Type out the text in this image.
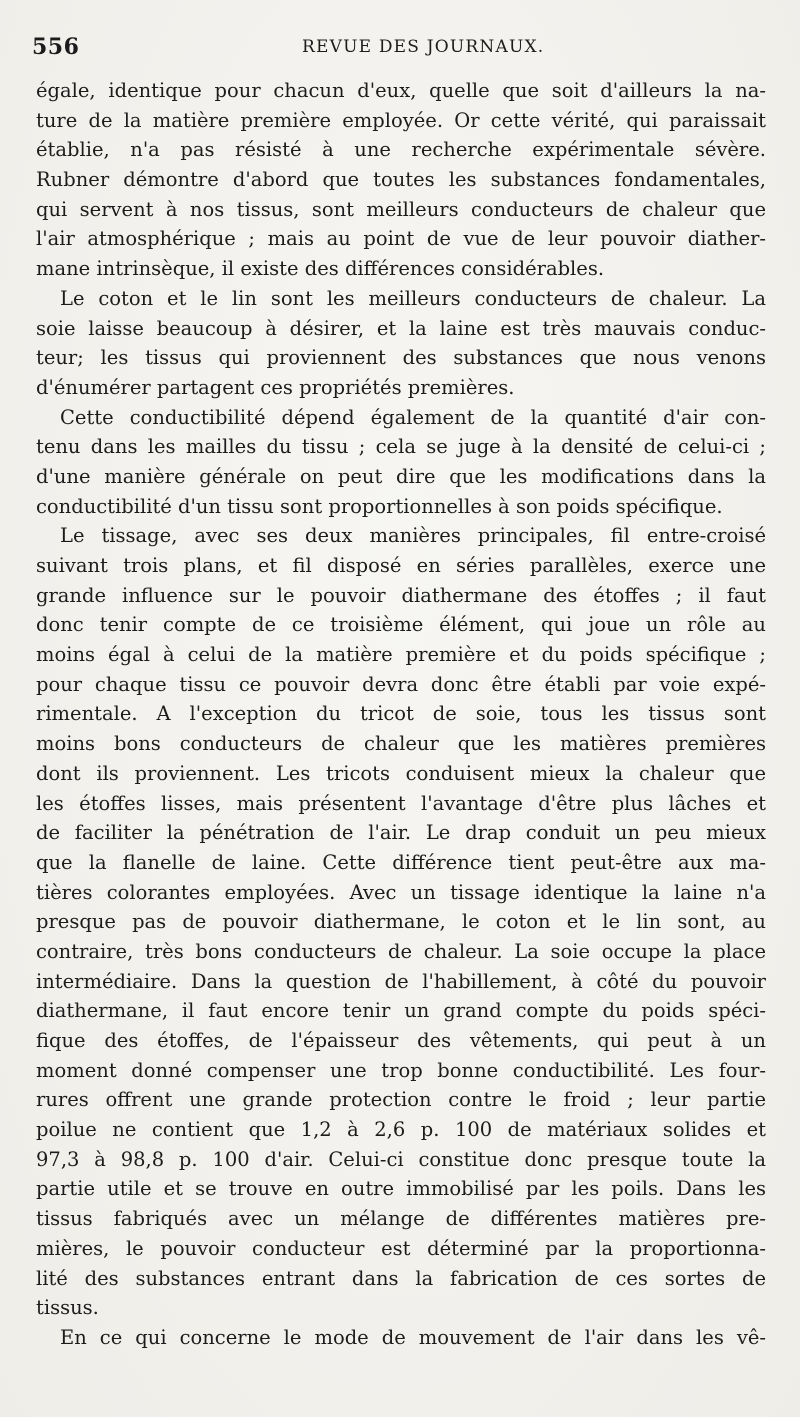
556	REVUE DES JOURNAUX.
égale, identique pour chacun d'eux, quelle que soit d'ailleurs la na-
ture de la matière première employée. Or cette vérité, qui paraissait
établie, n'a pas résisté à une recherche expérimentale sévère.
Rubner démontre d'abord que toutes les substances fondamentales,
qui servent à nos tissus, sont meilleurs conducteurs de chaleur que
l'air atmosphérique ; mais au point de vue de leur pouvoir diather-
mane intrinsèque, il existe des différences considérables.
Le coton et le lin sont les meilleurs conducteurs de chaleur. La
soie laisse beaucoup à désirer, et la laine est très mauvais conduc-
teur; les tissus qui proviennent des substances que nous venons
d'énumérer partagent ces propriétés premières.
Cette conductibilité dépend également de la quantité d'air con-
tenu dans les mailles du tissu ; cela se juge à la densité de celui-ci ;
d'une manière générale on peut dire que les modifications dans la
conductibilité d'un tissu sont proportionnelles à son poids spécifique.
Le tissage, avec ses deux manières principales, fil entre-croisé
suivant trois plans, et fil disposé en séries parallèles, exerce une
grande influence sur le pouvoir diathermane des étoffes ; il faut
donc tenir compte de ce troisième élément, qui joue un rôle au
moins égal à celui de la matière première et du poids spécifique ;
pour chaque tissu ce pouvoir devra donc être établi par voie expé-
rimentale. A l'exception du tricot de soie, tous les tissus sont
moins bons conducteurs de chaleur que les matières premières
dont ils proviennent. Les tricots conduisent mieux la chaleur que
les étoffes lisses, mais présentent l'avantage d'être plus lâches et
de faciliter la pénétration de l'air. Le drap conduit un peu mieux
que la flanelle de laine. Cette différence tient peut-être aux ma-
tières colorantes employées. Avec un tissage identique la laine n'a
presque pas de pouvoir diathermane, le coton et le lin sont, au
contraire, très bons conducteurs de chaleur. La soie occupe la place
intermédiaire. Dans la question de l'habillement, à côté du pouvoir
diathermane, il faut encore tenir un grand compte du poids spéci-
fique des étoffes, de l'épaisseur des vêtements, qui peut à un
moment donné compenser une trop bonne conductibilité. Les four-
rures offrent une grande protection contre le froid ; leur partie
poilue ne contient que 1,2 à 2,6 p. 100 de matériaux solides et
97,3 à 98,8 p. 100 d'air. Celui-ci constitue donc presque toute la
partie utile et se trouve en outre immobilisé par les poils. Dans les
tissus fabriqués avec un mélange de différentes matières pre-
mières, le pouvoir conducteur est déterminé par la proportionna-
lité des substances entrant dans la fabrication de ces sortes de
tissus.
En ce qui concerne le mode de mouvement de l'air dans les vê-
